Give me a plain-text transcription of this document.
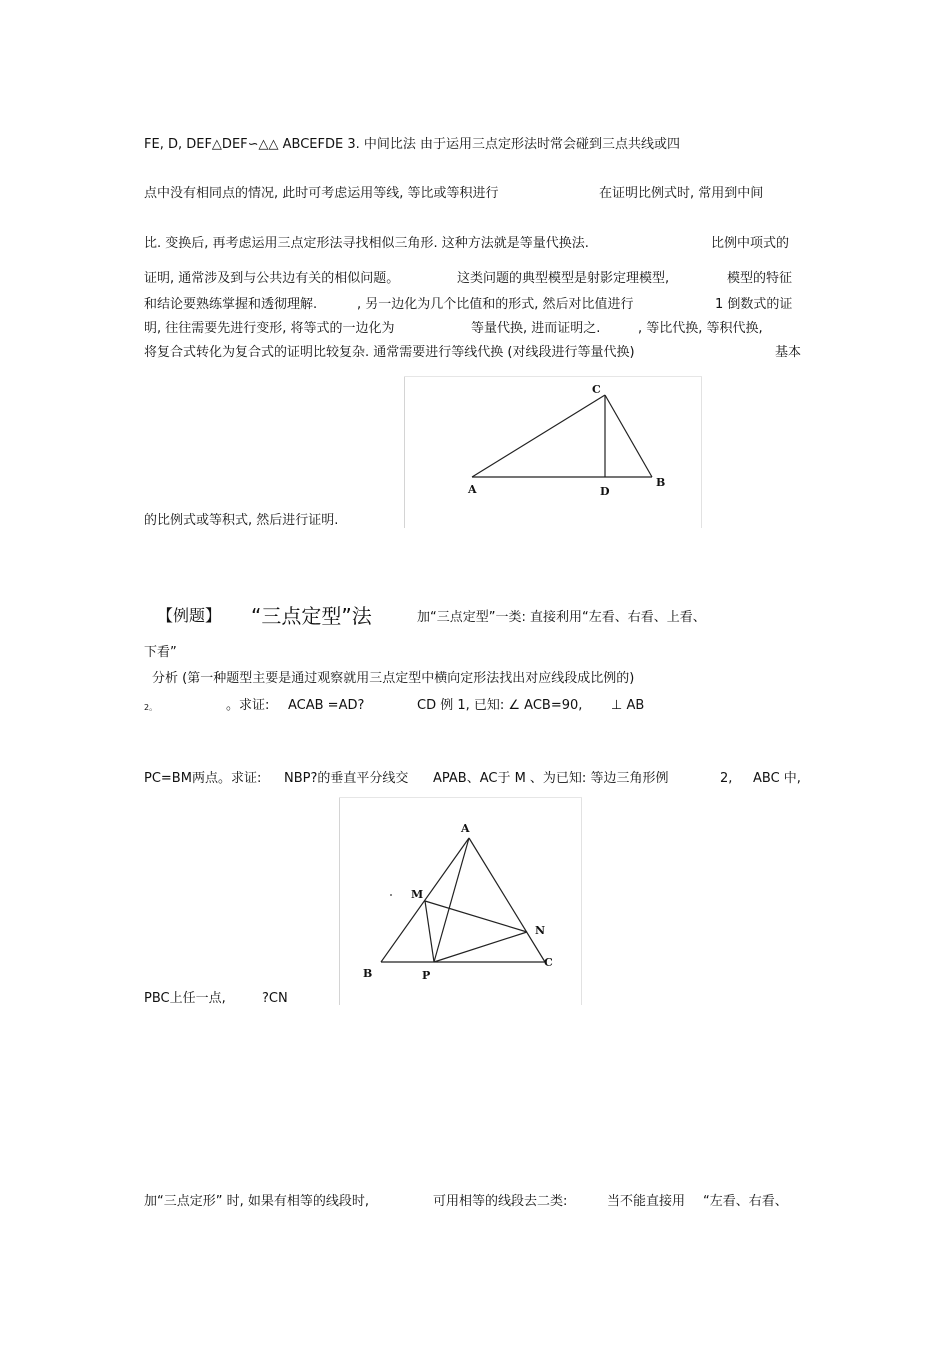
FE, D, DEF△DEF∽△△ ABCEFDE 3. 中间比法 由于运用三点定形法时常会碰到三点共线或四
点中没有相同点的情况, 此时可考虑运用等线, 等比或等积进行	在证明比例式时, 常用到中间
比. 变换后, 再考虑运用三点定形法寻找相似三角形. 这种方法就是等量代换法.	比例中项式的
证明, 通常涉及到与公共边有关的相似问题。	这类问题的典型模型是射影定理模型,	模型的特征
和结论要熟练掌握和透彻理解.	, 另一边化为几个比值和的形式, 然后对比值进行	1 倒数式的证
明, 往往需要先进行变形, 将等式的一边化为	等量代换, 进而证明之.	, 等比代换, 等积代换,
将复合式转化为复合式的证明比较复杂. 通常需要进行等线代换 (对线段进行等量代换)	基本
C
A	D
B
的比例式或等积式, 然后进行证明.
【例题】 “三点定型”法	加“三点定型”一类: 直接利用“左看、右看、上看、
下看”
分析 (第一种题型主要是通过观察就用三点定型中横向定形法找出对应线段成比例的)
2。	。求证: ACAB =AD?	CD 例 1, 已知: ∠ ACB=90, ⊥ AB
PC=BM两点。求证: NBP?的垂直平分线交 APAB、AC于 M 、为已知: 等边三角形例	2, ABC 中,
A
M
N
C
B	P
PBC上任一点,	?CN
加“三点定形” 时, 如果有相等的线段时,	可用相等的线段去二类:	当不能直接用 “左看、右看、
